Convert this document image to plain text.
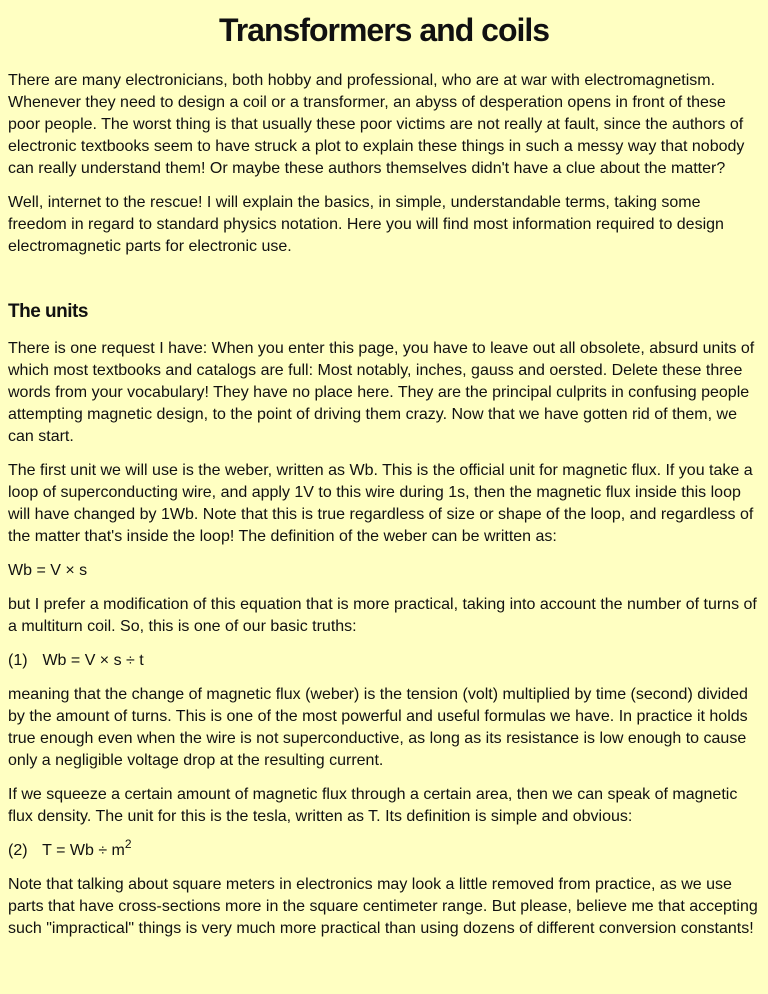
Transformers and coils

There are many electronicians, both hobby and professional, who are at war with electromagnetism. Whenever they need to design a coil or a transformer, an abyss of desperation opens in front of these poor people. The worst thing is that usually these poor victims are not really at fault, since the authors of electronic textbooks seem to have struck a plot to explain these things in such a messy way that nobody can really understand them! Or maybe these authors themselves didn't have a clue about the matter?

Well, internet to the rescue! I will explain the basics, in simple, understandable terms, taking some freedom in regard to standard physics notation. Here you will find most information required to design electromagnetic parts for electronic use.

The units

There is one request I have: When you enter this page, you have to leave out all obsolete, absurd units of which most textbooks and catalogs are full: Most notably, inches, gauss and oersted. Delete these three words from your vocabulary! They have no place here. They are the principal culprits in confusing people attempting magnetic design, to the point of driving them crazy. Now that we have gotten rid of them, we can start.

The first unit we will use is the weber, written as Wb. This is the official unit for magnetic flux. If you take a loop of superconducting wire, and apply 1V to this wire during 1s, then the magnetic flux inside this loop will have changed by 1Wb. Note that this is true regardless of size or shape of the loop, and regardless of the matter that's inside the loop! The definition of the weber can be written as:

Wb = V × s

but I prefer a modification of this equation that is more practical, taking into account the number of turns of a multiturn coil. So, this is one of our basic truths:

(1) Wb = V × s ÷ t

meaning that the change of magnetic flux (weber) is the tension (volt) multiplied by time (second) divided by the amount of turns. This is one of the most powerful and useful formulas we have. In practice it holds true enough even when the wire is not superconductive, as long as its resistance is low enough to cause only a negligible voltage drop at the resulting current.

If we squeeze a certain amount of magnetic flux through a certain area, then we can speak of magnetic flux density. The unit for this is the tesla, written as T. Its definition is simple and obvious:

(2) $T = Wb \div m^2$

Note that talking about square meters in electronics may look a little removed from practice, as we use parts that have cross-sections more in the square centimeter range. But please, believe me that accepting such "impractical" things is very much more practical than using dozens of different conversion constants!
